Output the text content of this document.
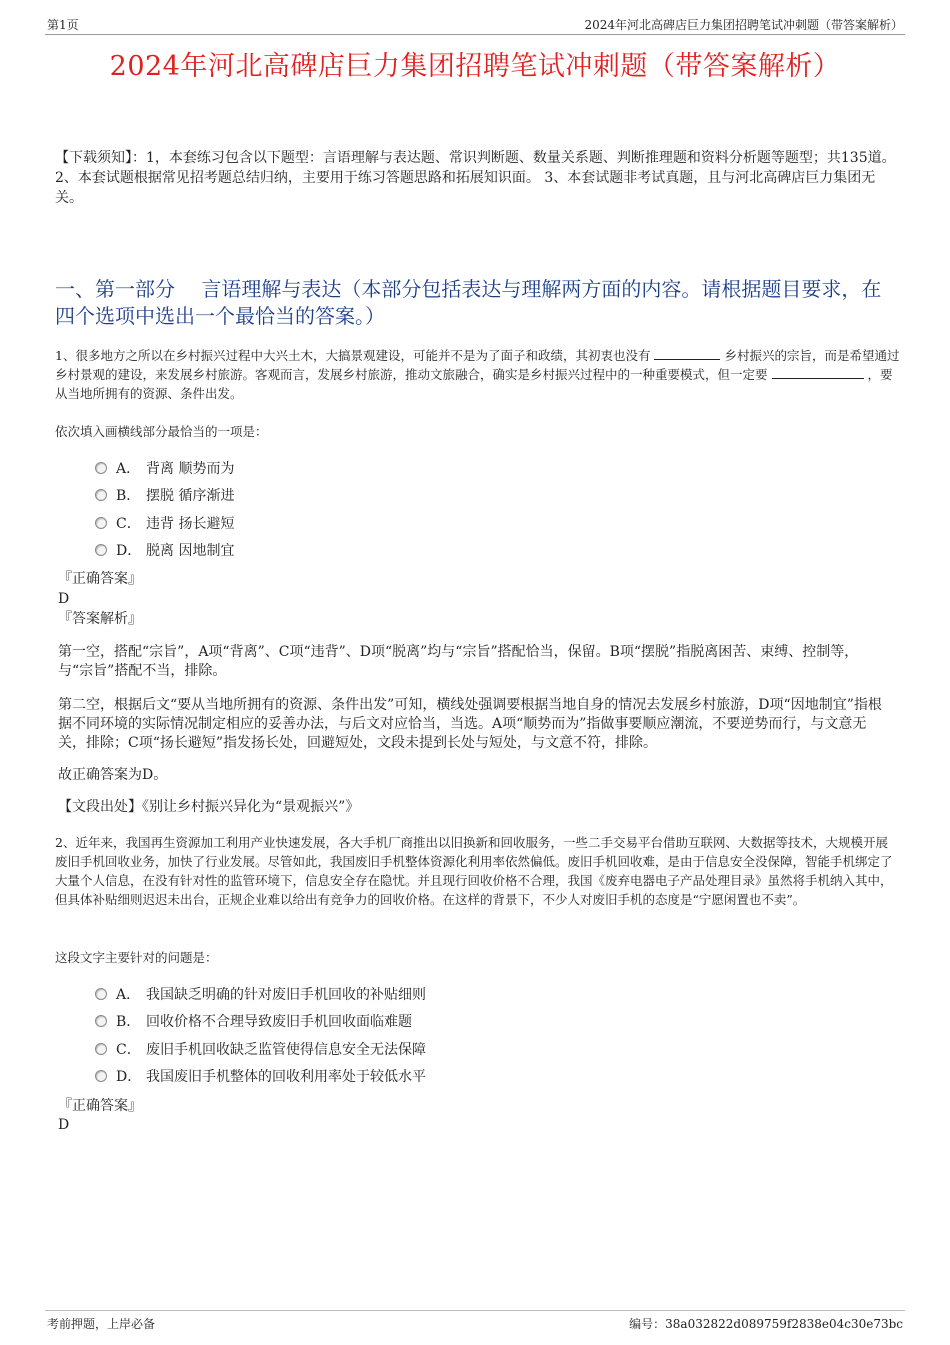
第1页	2024年河北高碑店巨力集团招聘笔试冲刺题（带答案解析）
2024年河北高碑店巨力集团招聘笔试冲刺题（带答案解析）
【下载须知】：1，本套练习包含以下题型：言语理解与表达题、常识判断题、数量关系题、判断推理题和资料分析题等题型；共135道。 2、本套试题根据常见招考题总结归纳，主要用于练习答题思路和拓展知识面。 3、本套试题非考试真题，且与河北高碑店巨力集团无关。
一、第一部分　 言语理解与表达（本部分包括表达与理解两方面的内容。请根据题目要求，在四个选项中选出一个最恰当的答案。）
1、很多地方之所以在乡村振兴过程中大兴土木，大搞景观建设，可能并不是为了面子和政绩，其初衷也没有	乡村振兴的宗旨，而是希望通过乡村景观的建设，来发展乡村旅游。客观而言，发展乡村旅游，推动文旅融合，确实是乡村振兴过程中的一种重要模式，但一定要	，要从当地所拥有的资源、条件出发。
依次填入画横线部分最恰当的一项是：
A． 背离 顺势而为
B． 摆脱 循序渐进
C． 违背 扬长避短
D． 脱离 因地制宜
『正确答案』
D
『答案解析』
第一空，搭配“宗旨”，A项“背离”、C项“违背”、D项“脱离”均与“宗旨”搭配恰当，保留。B项“摆脱”指脱离困苦、束缚、控制等，与“宗旨”搭配不当，排除。
第二空，根据后文“要从当地所拥有的资源、条件出发”可知，横线处强调要根据当地自身的情况去发展乡村旅游，D项“因地制宜”指根据不同环境的实际情况制定相应的妥善办法，与后文对应恰当，当选。A项“顺势而为”指做事要顺应潮流，不要逆势而行，与文意无关，排除；C项“扬长避短”指发扬长处，回避短处，文段未提到长处与短处，与文意不符，排除。
故正确答案为D。
【文段出处】《别让乡村振兴异化为“景观振兴”》
2、近年来，我国再生资源加工利用产业快速发展，各大手机厂商推出以旧换新和回收服务，一些二手交易平台借助互联网、大数据等技术，大规模开展废旧手机回收业务，加快了行业发展。尽管如此，我国废旧手机整体资源化利用率依然偏低。废旧手机回收难，是由于信息安全没保障，智能手机绑定了大量个人信息，在没有针对性的监管环境下，信息安全存在隐忧。并且现行回收价格不合理，我国《废弃电器电子产品处理目录》虽然将手机纳入其中，但具体补贴细则迟迟未出台，正规企业难以给出有竞争力的回收价格。在这样的背景下，不少人对废旧手机的态度是“宁愿闲置也不卖”。
这段文字主要针对的问题是：
A． 我国缺乏明确的针对废旧手机回收的补贴细则
B． 回收价格不合理导致废旧手机回收面临难题
C． 废旧手机回收缺乏监管使得信息安全无法保障
D． 我国废旧手机整体的回收利用率处于较低水平
『正确答案』
D
考前押题，上岸必备	编号：38a032822d089759f2838e04c30e73bc
